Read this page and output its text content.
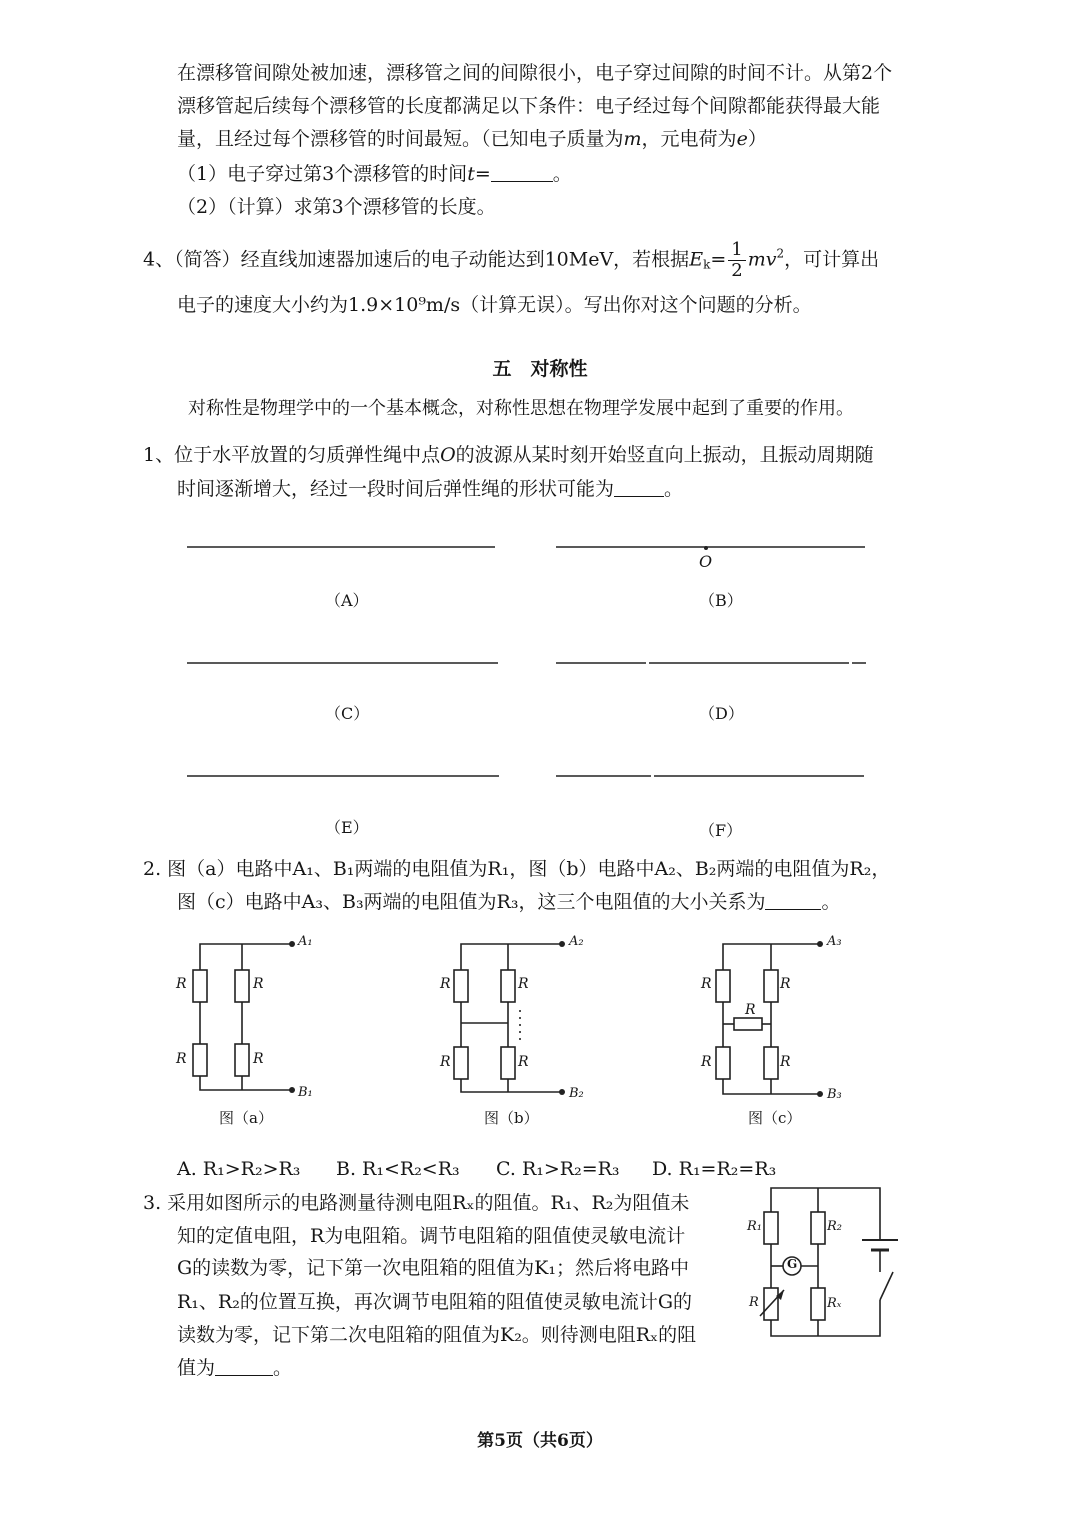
在漂移管间隙处被加速，漂移管之间的间隙很小，电子穿过间隙的时间不计。从第2个
漂移管起后续每个漂移管的长度都满足以下条件：电子经过每个间隙都能获得最大能
量，且经过每个漂移管的时间最短。（已知电子质量为m，元电荷为e）
（1）电子穿过第3个漂移管的时间t=	。
（2）（计算）求第3个漂移管的长度。
4、（简答）经直线加速器加速后的电子动能达到10MeV，若根据$E_k= \frac{1}{2} mv^2$，可计算出
电子的速度大小约为1.9×10⁹m/s（计算无误）。写出你对这个问题的分析。
五　对称性
对称性是物理学中的一个基本概念，对称性思想在物理学发展中起到了重要的作用。
1、位于水平放置的匀质弹性绳中点O的波源从某时刻开始竖直向上振动，且振动周期随
时间逐渐增大，经过一段时间后弹性绳的形状可能为	。
O
（A）	（B）
（C）	（D）
（E）	（F）
2. 图（a）电路中A₁、B₁两端的电阻值为R₁，图（b）电路中A₂、B₂两端的电阻值为R₂，
图（c）电路中A₃、B₃两端的电阻值为R₃，这三个电阻值的大小关系为	。
R	R
R	R
A₁
B₁
图（a）
R	R
R	R
A₂
B₂
图（b）
R	R
R
R	R
A₃
B₃
图（c）
A. R₁>R₂>R₃ B. R₁<R₂<R₃ C. R₁>R₂=R₃ D. R₁=R₂=R₃
3. 采用如图所示的电路测量待测电阻Rₓ的阻值。R₁、R₂为阻值未
知的定值电阻，R为电阻箱。调节电阻箱的阻值使灵敏电流计
G的读数为零，记下第一次电阻箱的阻值为K₁；然后将电路中
R₁、R₂的位置互换，再次调节电阻箱的阻值使灵敏电流计G的
读数为零，记下第二次电阻箱的阻值为K₂。则待测电阻Rₓ的阻
值为	。
R₁	R₂
R	Rₓ
G
第5页（共6页）
